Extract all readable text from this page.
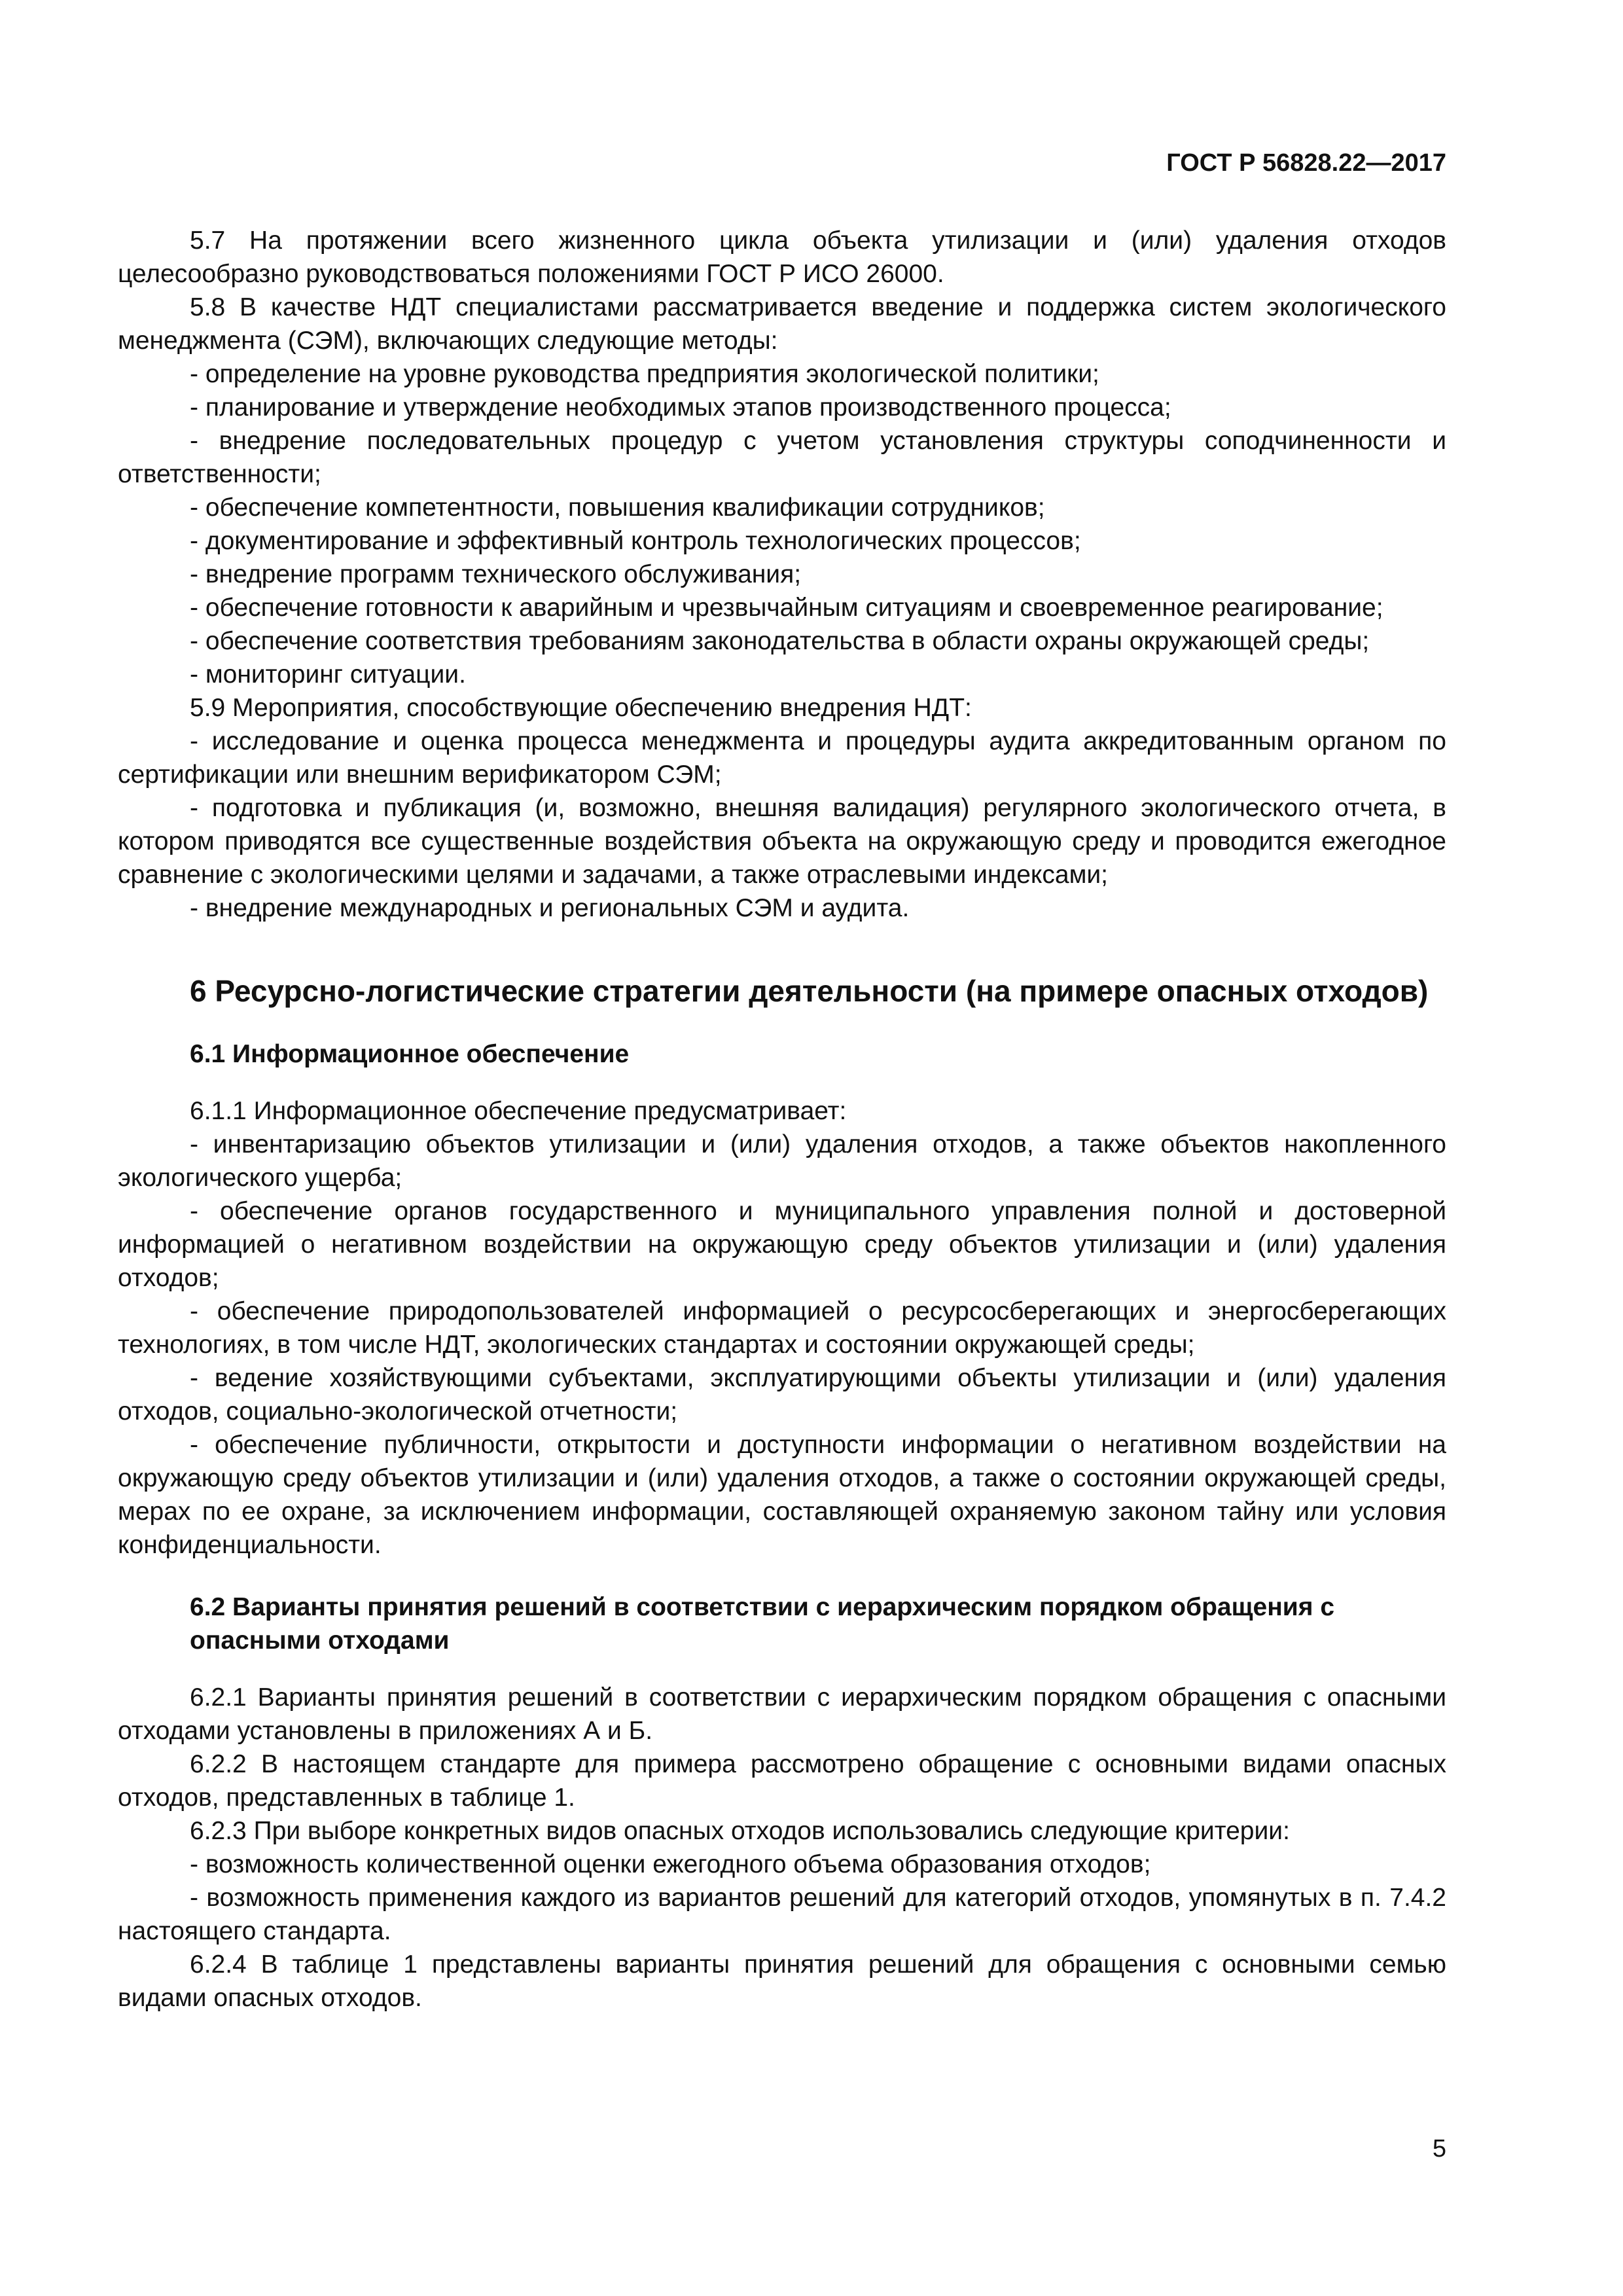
ГОСТ Р 56828.22—2017

5.7 На протяжении всего жизненного цикла объекта утилизации и (или) удаления отходов целесообразно руководствоваться положениями ГОСТ Р ИСО 26000.

5.8 В качестве НДТ специалистами рассматривается введение и поддержка систем экологического менеджмента (СЭМ), включающих следующие методы:

- определение на уровне руководства предприятия экологической политики;

- планирование и утверждение необходимых этапов производственного процесса;

- внедрение последовательных процедур с учетом установления структуры соподчиненности и ответственности;

- обеспечение компетентности, повышения квалификации сотрудников;

- документирование и эффективный контроль технологических процессов;

- внедрение программ технического обслуживания;

- обеспечение готовности к аварийным и чрезвычайным ситуациям и своевременное реагирование;

- обеспечение соответствия требованиям законодательства в области охраны окружающей среды;

- мониторинг ситуации.

5.9 Мероприятия, способствующие обеспечению внедрения НДТ:

- исследование и оценка процесса менеджмента и процедуры аудита аккредитованным органом по сертификации или внешним верификатором СЭМ;

- подготовка и публикация (и, возможно, внешняя валидация) регулярного экологического отчета, в котором приводятся все существенные воздействия объекта на окружающую среду и проводится ежегодное сравнение с экологическими целями и задачами, а также отраслевыми индексами;

- внедрение международных и региональных СЭМ и аудита.

6 Ресурсно-логистические стратегии деятельности (на примере опасных отходов)
6.1 Информационное обеспечение

6.1.1 Информационное обеспечение предусматривает:

- инвентаризацию объектов утилизации и (или) удаления отходов, а также объектов накопленного экологического ущерба;

- обеспечение органов государственного и муниципального управления полной и достоверной информацией о негативном воздействии на окружающую среду объектов утилизации и (или) удаления отходов;

- обеспечение природопользователей информацией о ресурсосберегающих и энергосберегающих технологиях, в том числе НДТ, экологических стандартах и состоянии окружающей среды;

- ведение хозяйствующими субъектами, эксплуатирующими объекты утилизации и (или) удаления отходов, социально-экологической отчетности;

- обеспечение публичности, открытости и доступности информации о негативном воздействии на окружающую среду объектов утилизации и (или) удаления отходов, а также о состоянии окружающей среды, мерах по ее охране, за исключением информации, составляющей охраняемую законом тайну или условия конфиденциальности.

6.2 Варианты принятия решений в соответствии с иерархическим порядком обращения с опасными отходами

6.2.1 Варианты принятия решений в соответствии с иерархическим порядком обращения с опасными отходами установлены в приложениях А и Б.

6.2.2 В настоящем стандарте для примера рассмотрено обращение с основными видами опасных отходов, представленных в таблице 1.

6.2.3 При выборе конкретных видов опасных отходов использовались следующие критерии:

- возможность количественной оценки ежегодного объема образования отходов;

- возможность применения каждого из вариантов решений для категорий отходов, упомянутых в п. 7.4.2 настоящего стандарта.

6.2.4 В таблице 1 представлены варианты принятия решений для обращения с основными семью видами опасных отходов.

5
